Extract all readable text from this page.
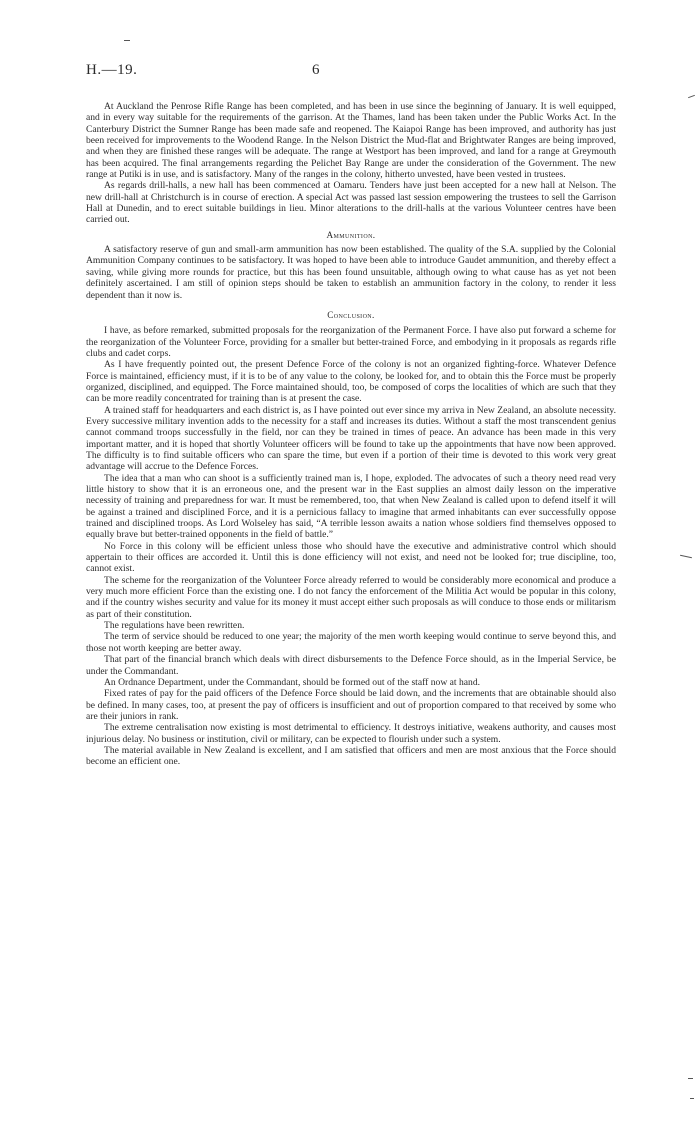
H.—19.	6

At Auckland the Penrose Rifle Range has been completed, and has been in use since the beginning of January. It is well equipped, and in every way suitable for the requirements of the garrison. At the Thames, land has been taken under the Public Works Act. In the Canterbury District the Sumner Range has been made safe and reopened. The Kaiapoi Range has been improved, and authority has just been received for improvements to the Woodend Range. In the Nelson District the Mud-flat and Brightwater Ranges are being improved, and when they are finished these ranges will be adequate. The range at Westport has been improved, and land for a range at Greymouth has been acquired. The final arrangements regarding the Pelichet Bay Range are under the consideration of the Government. The new range at Putiki is in use, and is satisfactory. Many of the ranges in the colony, hitherto unvested, have been vested in trustees.

As regards drill-halls, a new hall has been commenced at Oamaru. Tenders have just been accepted for a new hall at Nelson. The new drill-hall at Christchurch is in course of erection. A special Act was passed last session empowering the trustees to sell the Garrison Hall at Dunedin, and to erect suitable buildings in lieu. Minor alterations to the drill-halls at the various Volunteer centres have been carried out.

Ammunition.

A satisfactory reserve of gun and small-arm ammunition has now been established. The quality of the S.A. supplied by the Colonial Ammunition Company continues to be satisfactory. It was hoped to have been able to introduce Gaudet ammunition, and thereby effect a saving, while giving more rounds for practice, but this has been found unsuitable, although owing to what cause has as yet not been definitely ascertained. I am still of opinion steps should be taken to establish an ammunition factory in the colony, to render it less dependent than it now is.

Conclusion.

I have, as before remarked, submitted proposals for the reorganization of the Permanent Force. I have also put forward a scheme for the reorganization of the Volunteer Force, providing for a smaller but better-trained Force, and embodying in it proposals as regards rifle clubs and cadet corps.

As I have frequently pointed out, the present Defence Force of the colony is not an organized fighting-force. Whatever Defence Force is maintained, efficiency must, if it is to be of any value to the colony, be looked for, and to obtain this the Force must be properly organized, disciplined, and equipped. The Force maintained should, too, be composed of corps the localities of which are such that they can be more readily concentrated for training than is at present the case.

A trained staff for headquarters and each district is, as I have pointed out ever since my arriva in New Zealand, an absolute necessity. Every successive military invention adds to the necessity for a staff and increases its duties. Without a staff the most transcendent genius cannot command troops successfully in the field, nor can they be trained in times of peace. An advance has been made in this very important matter, and it is hoped that shortly Volunteer officers will be found to take up the appointments that have now been approved. The difficulty is to find suitable officers who can spare the time, but even if a portion of their time is devoted to this work very great advantage will accrue to the Defence Forces.

The idea that a man who can shoot is a sufficiently trained man is, I hope, exploded. The advocates of such a theory need read very little history to show that it is an erroneous one, and the present war in the East supplies an almost daily lesson on the imperative necessity of training and preparedness for war. It must be remembered, too, that when New Zealand is called upon to defend itself it will be against a trained and disciplined Force, and it is a pernicious fallacy to imagine that armed inhabitants can ever successfully oppose trained and disciplined troops. As Lord Wolseley has said, “A terrible lesson awaits a nation whose soldiers find themselves opposed to equally brave but better-trained opponents in the field of battle.”

No Force in this colony will be efficient unless those who should have the executive and administrative control which should appertain to their offices are accorded it. Until this is done efficiency will not exist, and need not be looked for; true discipline, too, cannot exist.

The scheme for the reorganization of the Volunteer Force already referred to would be considerably more economical and produce a very much more efficient Force than the existing one. I do not fancy the enforcement of the Militia Act would be popular in this colony, and if the country wishes security and value for its money it must accept either such proposals as will conduce to those ends or militarism as part of their constitution.

The regulations have been rewritten.

The term of service should be reduced to one year; the majority of the men worth keeping would continue to serve beyond this, and those not worth keeping are better away.

That part of the financial branch which deals with direct disbursements to the Defence Force should, as in the Imperial Service, be under the Commandant.

An Ordnance Department, under the Commandant, should be formed out of the staff now at hand.

Fixed rates of pay for the paid officers of the Defence Force should be laid down, and the increments that are obtainable should also be defined. In many cases, too, at present the pay of officers is insufficient and out of proportion compared to that received by some who are their juniors in rank.

The extreme centralisation now existing is most detrimental to efficiency. It destroys initiative, weakens authority, and causes most injurious delay. No business or institution, civil or military, can be expected to flourish under such a system.

The material available in New Zealand is excellent, and I am satisfied that officers and men are most anxious that the Force should become an efficient one.
